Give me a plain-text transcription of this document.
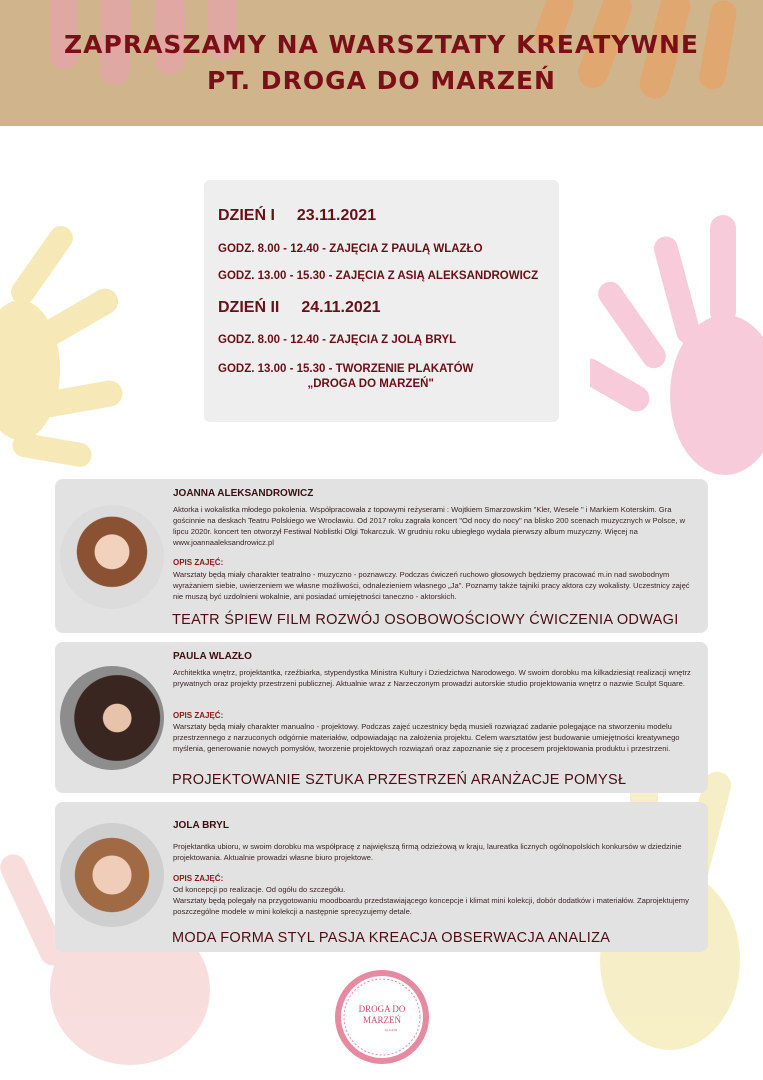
ZAPRASZAMY NA WARSZTATY KREATYWNE
PT. DROGA DO MARZEŃ
DZIEŃ I 23.11.2021
GODZ. 8.00 - 12.40 - ZAJĘCIA Z PAULĄ WLAZŁO
GODZ. 13.00 - 15.30 - ZAJĘCIA Z ASIĄ ALEKSANDROWICZ
DZIEŃ II 24.11.2021
GODZ. 8.00 - 12.40 - ZAJĘCIA Z JOLĄ BRYL
GODZ. 13.00 - 15.30 - TWORZENIE PLAKATÓW
„DROGA DO MARZEŃ"
JOANNA ALEKSANDROWICZ
Aktorka i wokalistka młodego pokolenia. Współpracowała z topowymi reżyserami : Wojtkiem Smarzowskim "Kler, Wesele " i Markiem Koterskim. Gra gościnnie na deskach Teatru Polskiego we Wrocławiu. Od 2017 roku zagrała koncert "Od nocy do nocy" na blisko 200 scenach muzycznych w Polsce, w lipcu 2020r. koncert ten otworzył Festiwal Noblistki Olgi Tokarczuk. W grudniu roku ubiegłego wydała pierwszy album muzyczny. Więcej na www.joannaaleksandrowicz.pl
OPIS ZAJĘĆ:
Warsztaty będą miały charakter teatralno - muzyczno - poznawczy. Podczas ćwiczeń ruchowo głosowych będziemy pracować m.in nad swobodnym wyrażaniem siebie, uwierzeniem we własne możliwości, odnalezieniem własnego „Ja". Poznamy także tajniki pracy aktora czy wokalisty. Uczestnicy zajęć nie muszą być uzdolnieni wokalnie, ani posiadać umiejętności taneczno - aktorskich.
TEATR ŚPIEW FILM ROZWÓJ OSOBOWOŚCIOWY ĆWICZENIA ODWAGI
PAULA WLAZŁO
Architektka wnętrz, projektantka, rzeźbiarka, stypendystka Ministra Kultury i Dziedzictwa Narodowego. W swoim dorobku ma kilkadziesiąt realizacji wnętrz prywatnych oraz projekty przestrzeni publicznej. Aktualnie wraz z Narzeczonym prowadzi autorskie studio projektowania wnętrz o nazwie Sculpt Square.
OPIS ZAJĘĆ:
Warsztaty będą miały charakter manualno - projektowy. Podczas zajęć uczestnicy będą musieli rozwiązać zadanie polegające na stworzeniu modelu przestrzennego z narzuconych odgórnie materiałów, odpowiadając na założenia projektu. Celem warsztatów jest budowanie umiejętności kreatywnego myślenia, generowanie nowych pomysłów, tworzenie projektowych rozwiązań oraz zapoznanie się z procesem projektowania produktu i przestrzeni.
PROJEKTOWANIE SZTUKA PRZESTRZEŃ ARANŻACJE POMYSŁ
JOLA BRYL
Projektantka ubioru, w swoim dorobku ma współpracę z największą firmą odzieżową w kraju, laureatka licznych ogólnopolskich konkursów w dziedzinie projektowania. Aktualnie prowadzi własne biuro projektowe.
OPIS ZAJĘĆ:
Od koncepcji po realizacje. Od ogółu do szczegółu.
Warsztaty będą polegały na przygotowaniu moodboardu przedstawiającego koncepcje i klimat mini kolekcji, dobór dodatków i materiałów. Zaprojektujemy poszczególne modele w mini kolekcji a następnie sprecyzujemy detale.
MODA FORMA STYL PASJA KREACJA OBSERWACJA ANALIZA
DROGA DO
MARZEŃ
by A & W
